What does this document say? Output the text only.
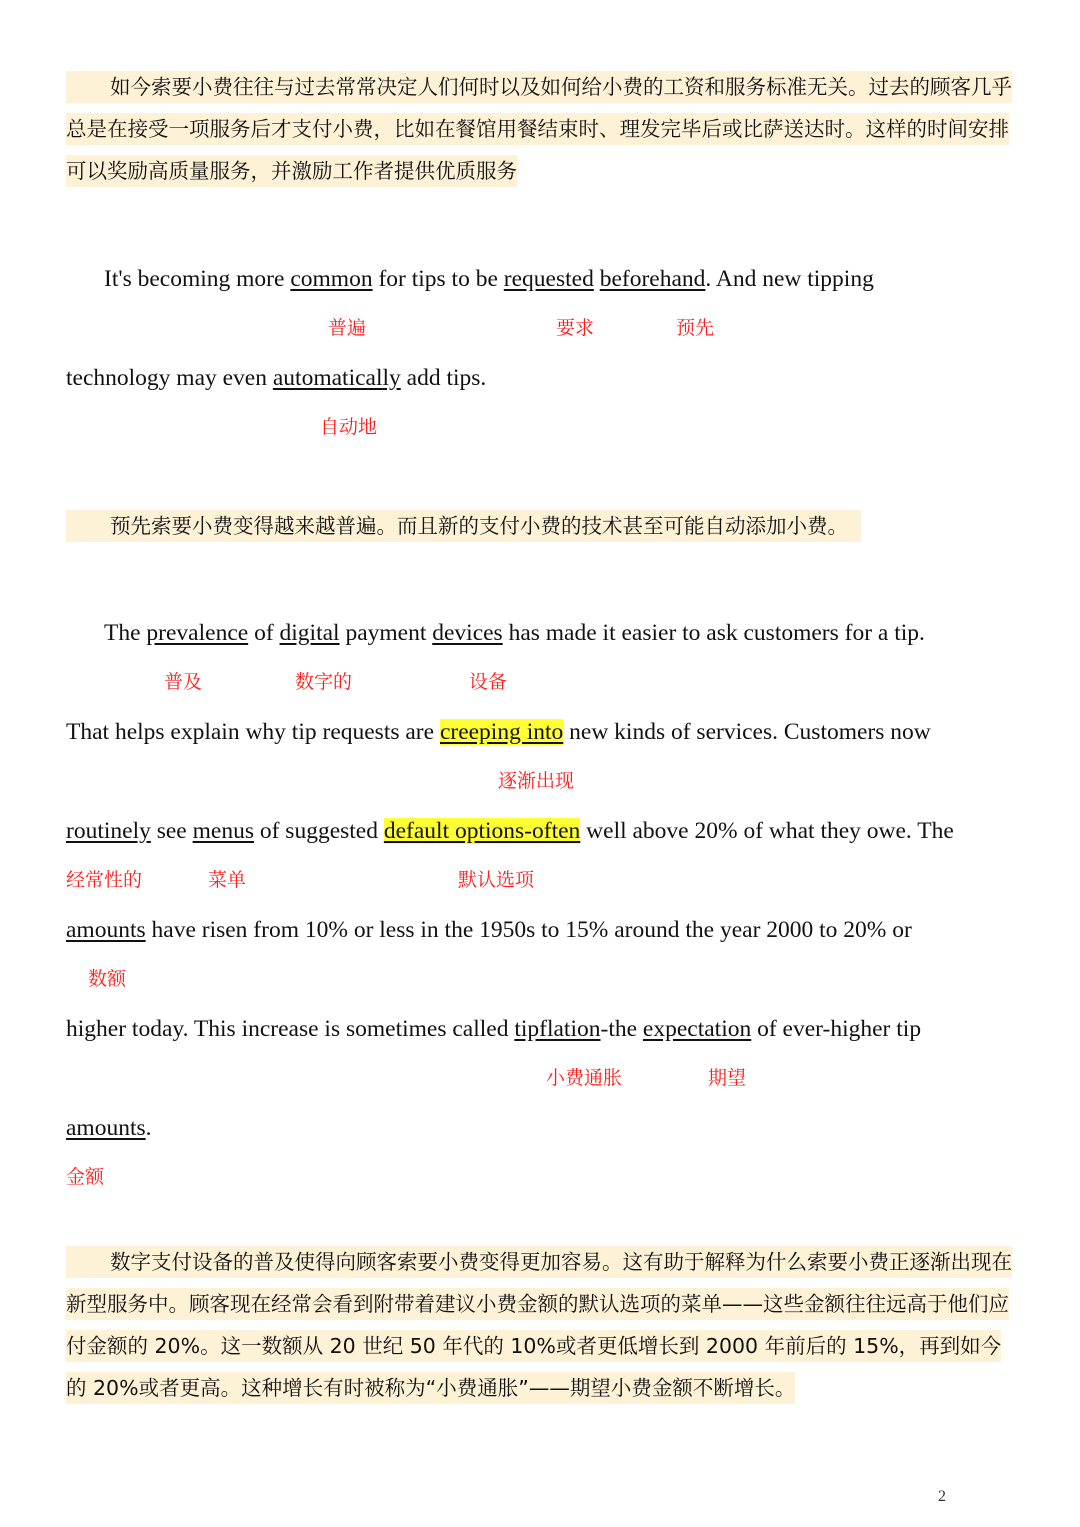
如今索要小费往往与过去常常决定人们何时以及如何给小费的工资和服务标准无关。过去的顾客几乎总是在接受一项服务后才支付小费，比如在餐馆用餐结束时、理发完毕后或比萨送达时。这样的时间安排可以奖励高质量服务，并激励工作者提供优质服务
It's becoming more common for tips to be requested beforehand. And new tipping
普遍	要求	预先
technology may even automatically add tips.
自动地
预先索要小费变得越来越普遍。而且新的支付小费的技术甚至可能自动添加小费。
The prevalence of digital payment devices has made it easier to ask customers for a tip.
普及	数字的	设备
That helps explain why tip requests are creeping into new kinds of services. Customers now
逐渐出现
routinely see menus of suggested default options-often well above 20% of what they owe. The
经常性的	菜单	默认选项
amounts have risen from 10% or less in the 1950s to 15% around the year 2000 to 20% or
数额
higher today. This increase is sometimes called tipflation-the expectation of ever-higher tip
小费通胀	期望
amounts.
金额
数字支付设备的普及使得向顾客索要小费变得更加容易。这有助于解释为什么索要小费正逐渐出现在新型服务中。顾客现在经常会看到附带着建议小费金额的默认选项的菜单——这些金额往往远高于他们应付金额的 20%。这一数额从 20 世纪 50 年代的 10%或者更低增长到 2000 年前后的 15%，再到如今的 20%或者更高。这种增长有时被称为“小费通胀”——期望小费金额不断增长。
2
